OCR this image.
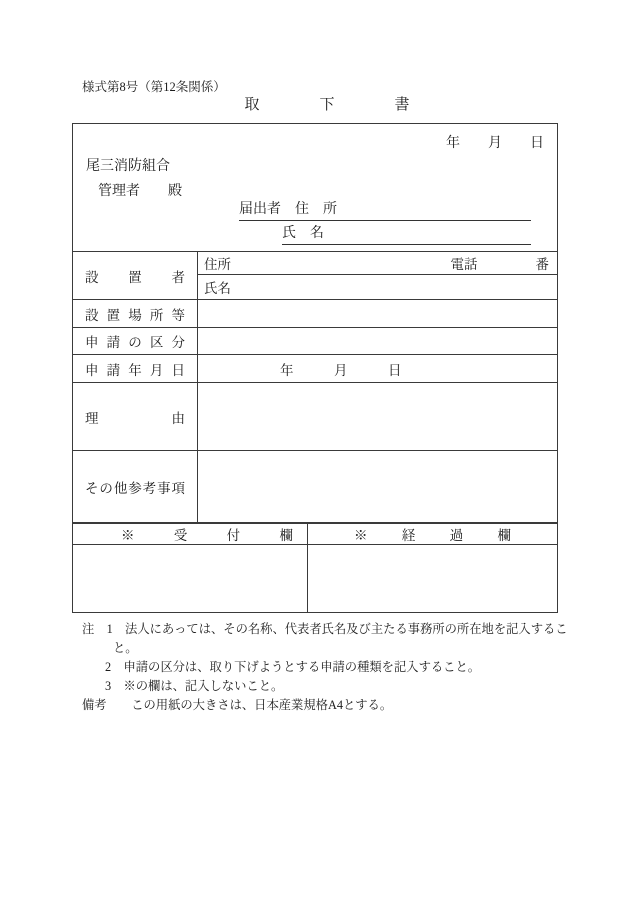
様式第8号（第12条関係）
取　　　　下　　　　書
年　　月　　日
尾三消防組合
管理者　　殿
届出者 住　所
氏　名
設置者
住所	電話	番
氏名
設置場所等
申請の区分
申請年月日	年　　　月　　　日
理由
その他参考事項
※受付欄	※経過欄
注　1　法人にあっては、その名称、代表者氏名及び主たる事務所の所在地を記入するこ
と。
2　申請の区分は、取り下げようとする申請の種類を記入すること。
3　※の欄は、記入しないこと。
備考　　この用紙の大きさは、日本産業規格A4とする。
